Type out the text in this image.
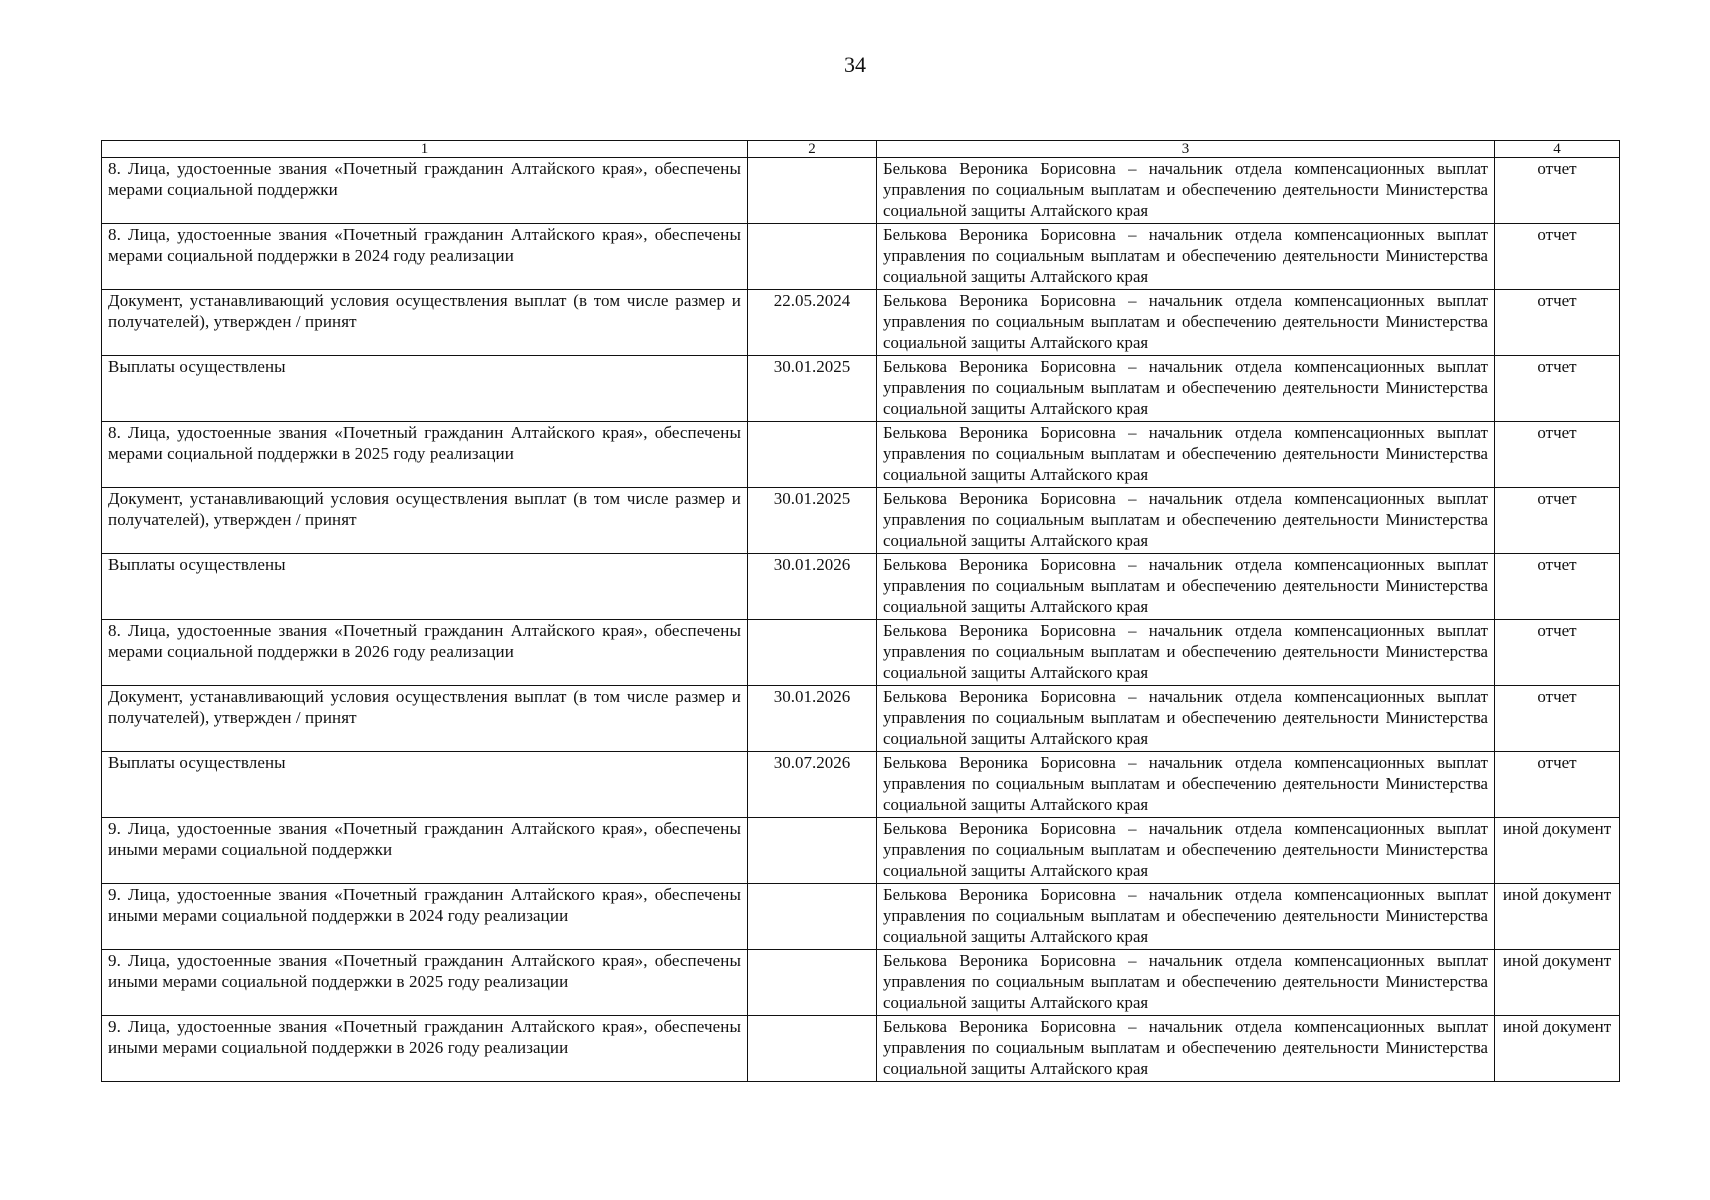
34
1	2	3	4
8. Лица, удостоенные звания «Почетный гражданин Алтайского края», обеспечены мерами социальной поддержки		Белькова Вероника Борисовна – начальник отдела компенсационных выплат управления по социальным выплатам и обеспечению деятельности Министерства социальной защиты Алтайского края	отчет
8. Лица, удостоенные звания «Почетный гражданин Алтайского края», обеспечены мерами социальной поддержки в 2024 году реализации		Белькова Вероника Борисовна – начальник отдела компенсационных выплат управления по социальным выплатам и обеспечению деятельности Министерства социальной защиты Алтайского края	отчет
Документ, устанавливающий условия осуществления выплат (в том числе размер и получателей), утвержден / принят	22.05.2024	Белькова Вероника Борисовна – начальник отдела компенсационных выплат управления по социальным выплатам и обеспечению деятельности Министерства социальной защиты Алтайского края	отчет
Выплаты осуществлены	30.01.2025	Белькова Вероника Борисовна – начальник отдела компенсационных выплат управления по социальным выплатам и обеспечению деятельности Министерства социальной защиты Алтайского края	отчет
8. Лица, удостоенные звания «Почетный гражданин Алтайского края», обеспечены мерами социальной поддержки в 2025 году реализации		Белькова Вероника Борисовна – начальник отдела компенсационных выплат управления по социальным выплатам и обеспечению деятельности Министерства социальной защиты Алтайского края	отчет
Документ, устанавливающий условия осуществления выплат (в том числе размер и получателей), утвержден / принят	30.01.2025	Белькова Вероника Борисовна – начальник отдела компенсационных выплат управления по социальным выплатам и обеспечению деятельности Министерства социальной защиты Алтайского края	отчет
Выплаты осуществлены	30.01.2026	Белькова Вероника Борисовна – начальник отдела компенсационных выплат управления по социальным выплатам и обеспечению деятельности Министерства социальной защиты Алтайского края	отчет
8. Лица, удостоенные звания «Почетный гражданин Алтайского края», обеспечены мерами социальной поддержки в 2026 году реализации		Белькова Вероника Борисовна – начальник отдела компенсационных выплат управления по социальным выплатам и обеспечению деятельности Министерства социальной защиты Алтайского края	отчет
Документ, устанавливающий условия осуществления выплат (в том числе размер и получателей), утвержден / принят	30.01.2026	Белькова Вероника Борисовна – начальник отдела компенсационных выплат управления по социальным выплатам и обеспечению деятельности Министерства социальной защиты Алтайского края	отчет
Выплаты осуществлены	30.07.2026	Белькова Вероника Борисовна – начальник отдела компенсационных выплат управления по социальным выплатам и обеспечению деятельности Министерства социальной защиты Алтайского края	отчет
9. Лица, удостоенные звания «Почетный гражданин Алтайского края», обеспечены иными мерами социальной поддержки		Белькова Вероника Борисовна – начальник отдела компенсационных выплат управления по социальным выплатам и обеспечению деятельности Министерства социальной защиты Алтайского края	иной документ
9. Лица, удостоенные звания «Почетный гражданин Алтайского края», обеспечены иными мерами социальной поддержки в 2024 году реализации		Белькова Вероника Борисовна – начальник отдела компенсационных выплат управления по социальным выплатам и обеспечению деятельности Министерства социальной защиты Алтайского края	иной документ
9. Лица, удостоенные звания «Почетный гражданин Алтайского края», обеспечены иными мерами социальной поддержки в 2025 году реализации		Белькова Вероника Борисовна – начальник отдела компенсационных выплат управления по социальным выплатам и обеспечению деятельности Министерства социальной защиты Алтайского края	иной документ
9. Лица, удостоенные звания «Почетный гражданин Алтайского края», обеспечены иными мерами социальной поддержки в 2026 году реализации		Белькова Вероника Борисовна – начальник отдела компенсационных выплат управления по социальным выплатам и обеспечению деятельности Министерства социальной защиты Алтайского края	иной документ
